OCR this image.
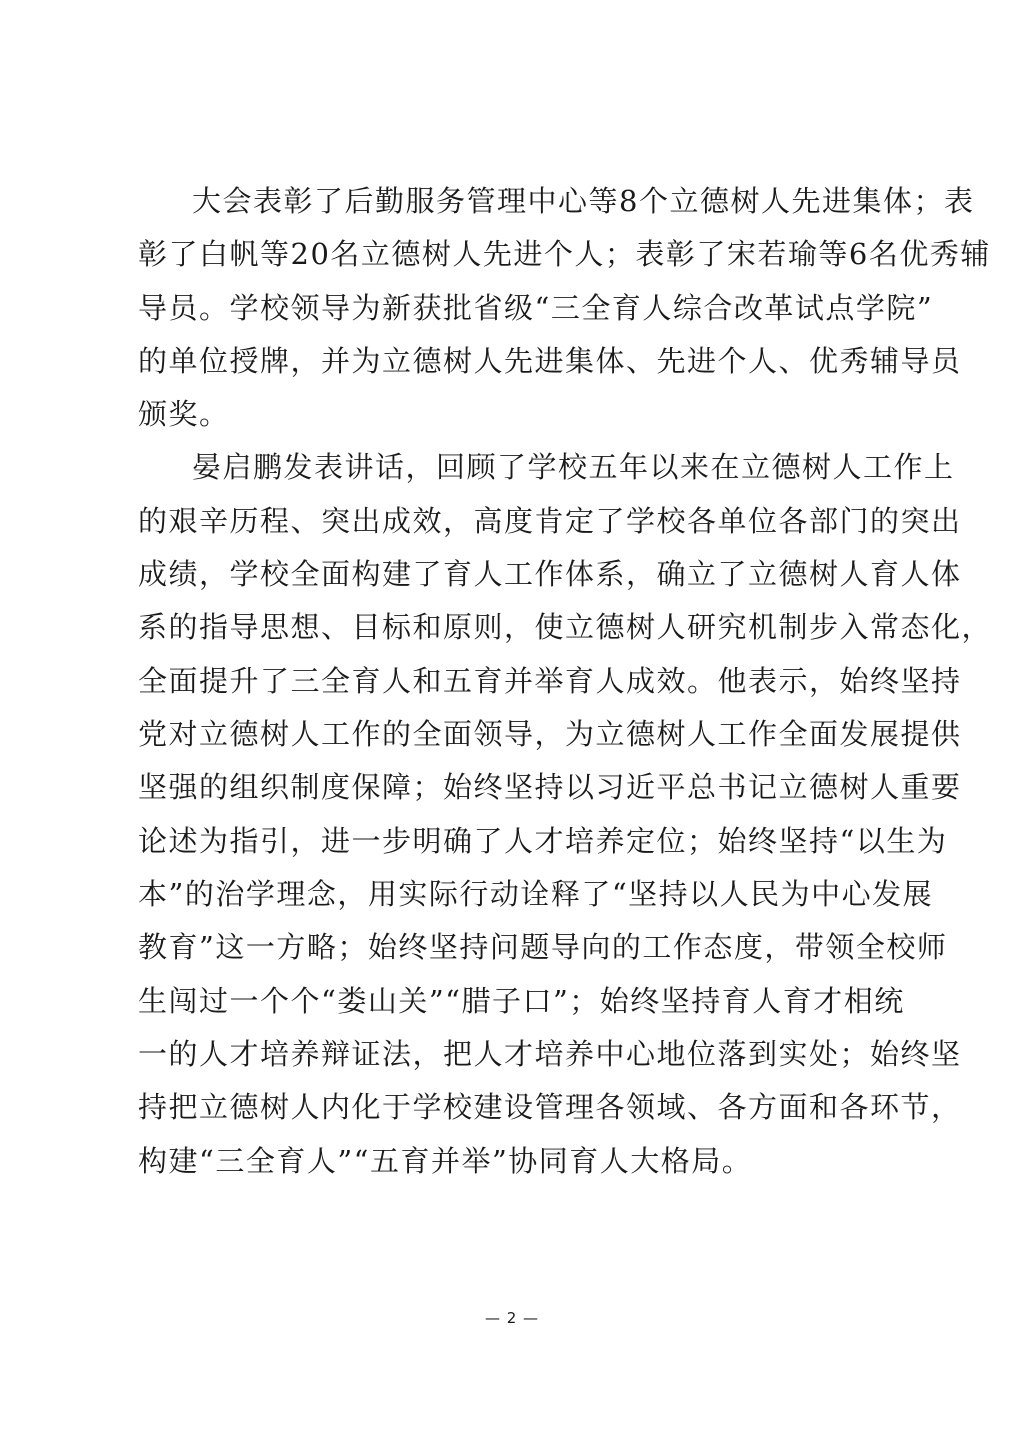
大会表彰了后勤服务管理中心等8个立德树人先进集体；表
彰了白帆等20名立德树人先进个人；表彰了宋若瑜等6名优秀辅
导员。学校领导为新获批省级“三全育人综合改革试点学院”
的单位授牌，并为立德树人先进集体、先进个人、优秀辅导员
颁奖。
晏启鹏发表讲话，回顾了学校五年以来在立德树人工作上
的艰辛历程、突出成效，高度肯定了学校各单位各部门的突出
成绩，学校全面构建了育人工作体系，确立了立德树人育人体
系的指导思想、目标和原则，使立德树人研究机制步入常态化，
全面提升了三全育人和五育并举育人成效。他表示，始终坚持
党对立德树人工作的全面领导，为立德树人工作全面发展提供
坚强的组织制度保障；始终坚持以习近平总书记立德树人重要
论述为指引，进一步明确了人才培养定位；始终坚持“以生为
本”的治学理念，用实际行动诠释了“坚持以人民为中心发展
教育”这一方略；始终坚持问题导向的工作态度，带领全校师
生闯过一个个“娄山关”“腊子口”；始终坚持育人育才相统
一的人才培养辩证法，把人才培养中心地位落到实处；始终坚
持把立德树人内化于学校建设管理各领域、各方面和各环节，
构建“三全育人”“五育并举”协同育人大格局。
— 2 —
